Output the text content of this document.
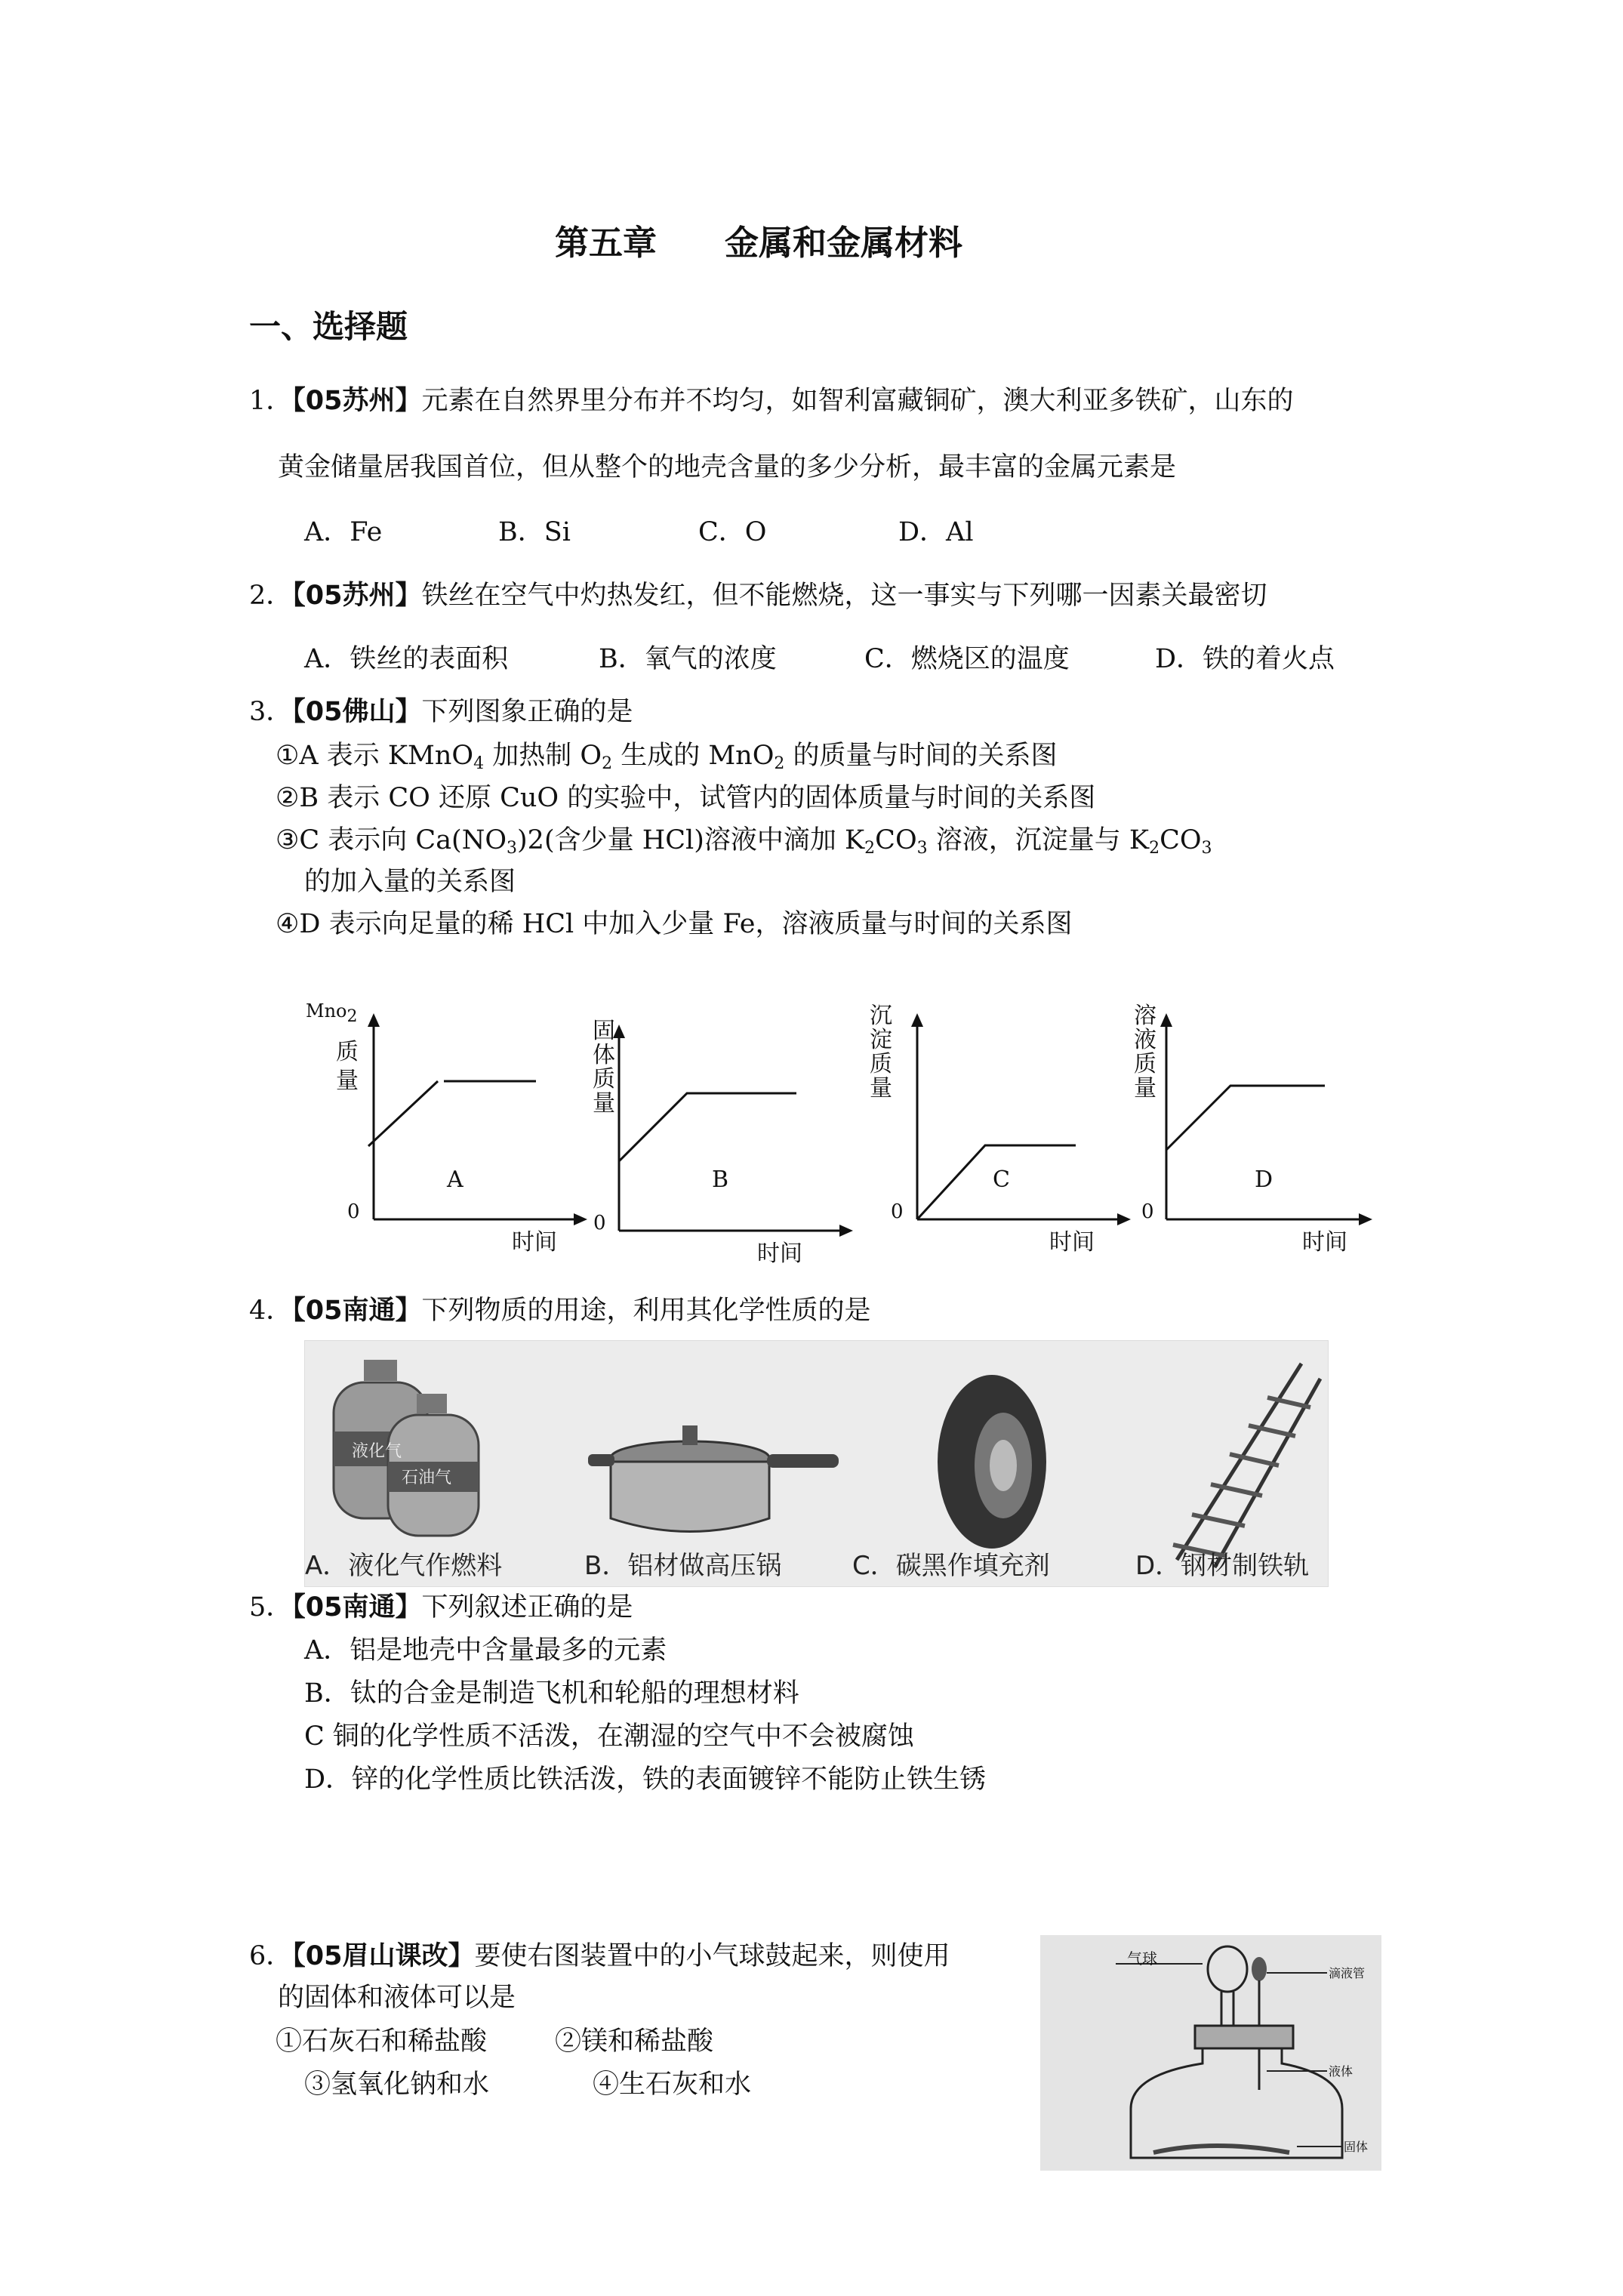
第五章　　金属和金属材料
一、选择题
1．【05苏州】元素在自然界里分布并不均匀，如智利富藏铜矿，澳大利亚多铁矿，山东的
黄金储量居我国首位，但从整个的地壳含量的多少分析，最丰富的金属元素是
A．Fe	B．Si	C．O	D．Al
2．【05苏州】铁丝在空气中灼热发红，但不能燃烧，这一事实与下列哪一因素关最密切
A．铁丝的表面积	B．氧气的浓度	C．燃烧区的温度	D．铁的着火点
3．【05佛山】下列图象正确的是
①A 表示 KMnO$_4$ 加热制 $O_2$ 生成的 MnO$_2$ 的质量与时间的关系图
②B 表示 CO 还原 CuO 的实验中，试管内的固体质量与时间的关系图
③C 表示向 $Ca(NO_3)2$(含少量 HCl)溶液中滴加 $K_2CO_3$ 溶液，沉淀量与 $K_2CO_3$
的加入量的关系图
④D 表示向足量的稀 HCl 中加入少量 Fe，溶液质量与时间的关系图
Mno$_2$
质
量
A
0
时间
固
体
质
量
B
0
时间
沉
淀
质
量
C
0
时间
溶
液
质
量
D
0
时间
4．【05南通】下列物质的用途，利用其化学性质的是
液化气
石油气
A．液化气作燃料	B．铝材做高压锅	C．碳黑作填充剂	D．钢材制铁轨
5．【05南通】下列叙述正确的是
A．铝是地壳中含量最多的元素
B．钛的合金是制造飞机和轮船的理想材料
C 铜的化学性质不活泼，在潮湿的空气中不会被腐蚀
D．锌的化学性质比铁活泼，铁的表面镀锌不能防止铁生锈
6．【05眉山课改】要使右图装置中的小气球鼓起来，则使用
的固体和液体可以是
①石灰石和稀盐酸	②镁和稀盐酸
③氢氧化钠和水	④生石灰和水
气球
滴液管
液体
固体
